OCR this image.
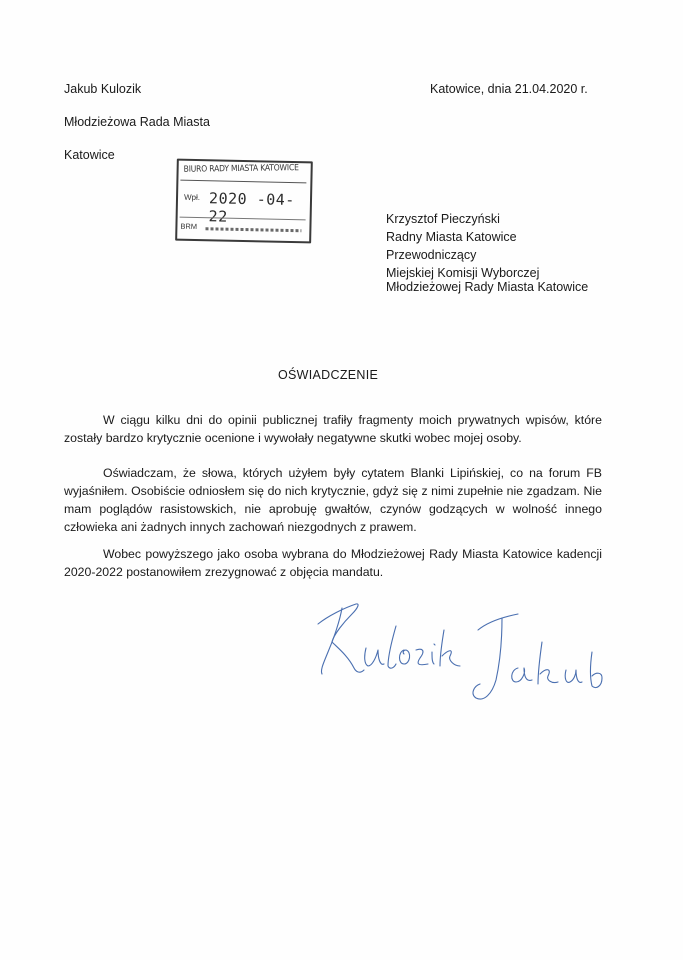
Jakub Kulozik
Młodzieżowa Rada Miasta
Katowice
Katowice, dnia 21.04.2020 r.
BIURO RADY MIASTA KATOWICE
Wpł. 2020 -04- 22
BRM
Krzysztof Pieczyński
Radny Miasta Katowice
Przewodniczący
Miejskiej Komisji Wyborczej
Młodzieżowej Rady Miasta Katowice
OŚWIADCZENIE
W ciągu kilku dni do opinii publicznej trafiły fragmenty moich prywatnych wpisów, które zostały bardzo krytycznie ocenione i wywołały negatywne skutki wobec mojej osoby.
Oświadczam, że słowa, których użyłem były cytatem Blanki Lipińskiej, co na forum FB wyjaśniłem. Osobiście odniosłem się do nich krytycznie, gdyż się z nimi zupełnie nie zgadzam. Nie mam poglądów rasistowskich, nie aprobuję gwałtów, czynów godzących w wolność innego człowieka ani żadnych innych zachowań niezgodnych z prawem.
Wobec powyższego jako osoba wybrana do Młodzieżowej Rady Miasta Katowice kadencji 2020-2022 postanowiłem zrezygnować z objęcia mandatu.
